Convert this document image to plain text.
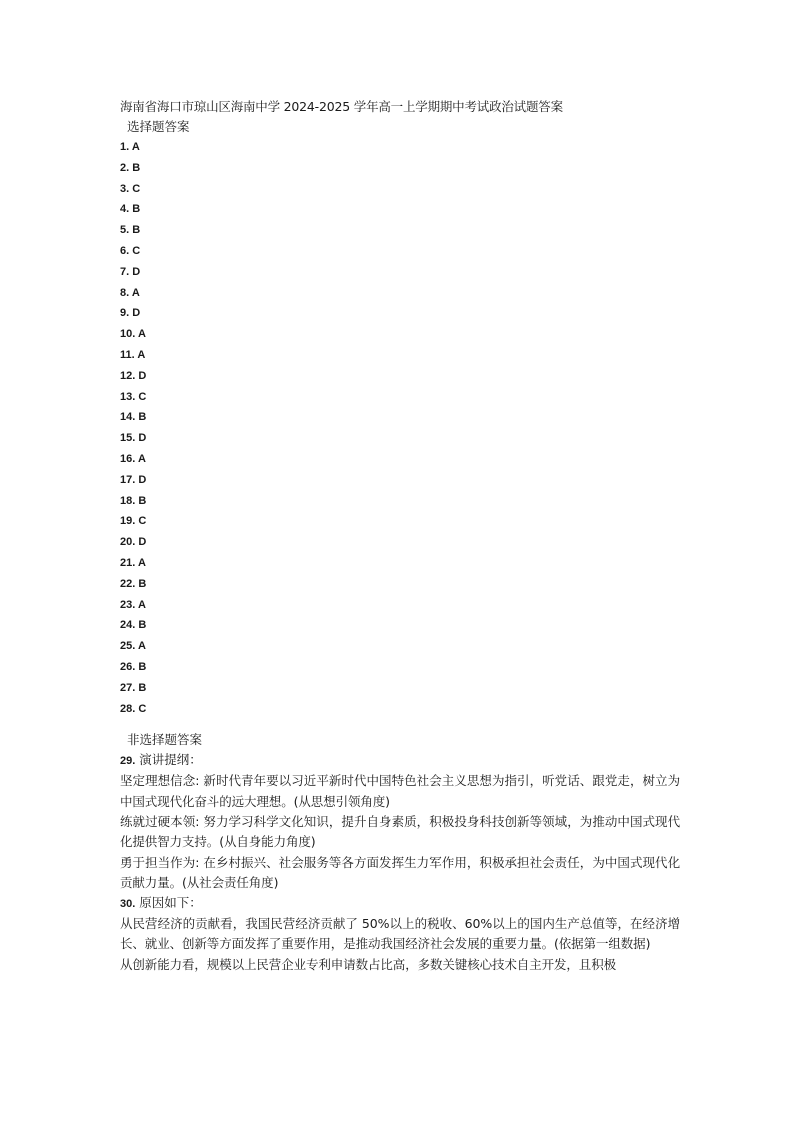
海南省海口市琼山区海南中学 2024-2025 学年高一上学期期中考试政治试题答案
选择题答案
1. A
2. B
3. C
4. B
5. B
6. C
7. D
8. A
9. D
10. A
11. A
12. D
13. C
14. B
15. D
16. A
17. D
18. B
19. C
20. D
21. A
22. B
23. A
24. B
25. A
26. B
27. B
28. C
非选择题答案
29. 演讲提纲：
坚定理想信念: 新时代青年要以习近平新时代中国特色社会主义思想为指引，听党话、跟党走，树立为中国式现代化奋斗的远大理想。(从思想引领角度)
练就过硬本领: 努力学习科学文化知识，提升自身素质，积极投身科技创新等领域，为推动中国式现代化提供智力支持。(从自身能力角度)
勇于担当作为: 在乡村振兴、社会服务等各方面发挥生力军作用，积极承担社会责任，为中国式现代化贡献力量。(从社会责任角度)
30. 原因如下：
从民营经济的贡献看，我国民营经济贡献了 50%以上的税收、60%以上的国内生产总值等，在经济增长、就业、创新等方面发挥了重要作用，是推动我国经济社会发展的重要力量。(依据第一组数据)
从创新能力看，规模以上民营企业专利申请数占比高，多数关键核心技术自主开发，且积极
